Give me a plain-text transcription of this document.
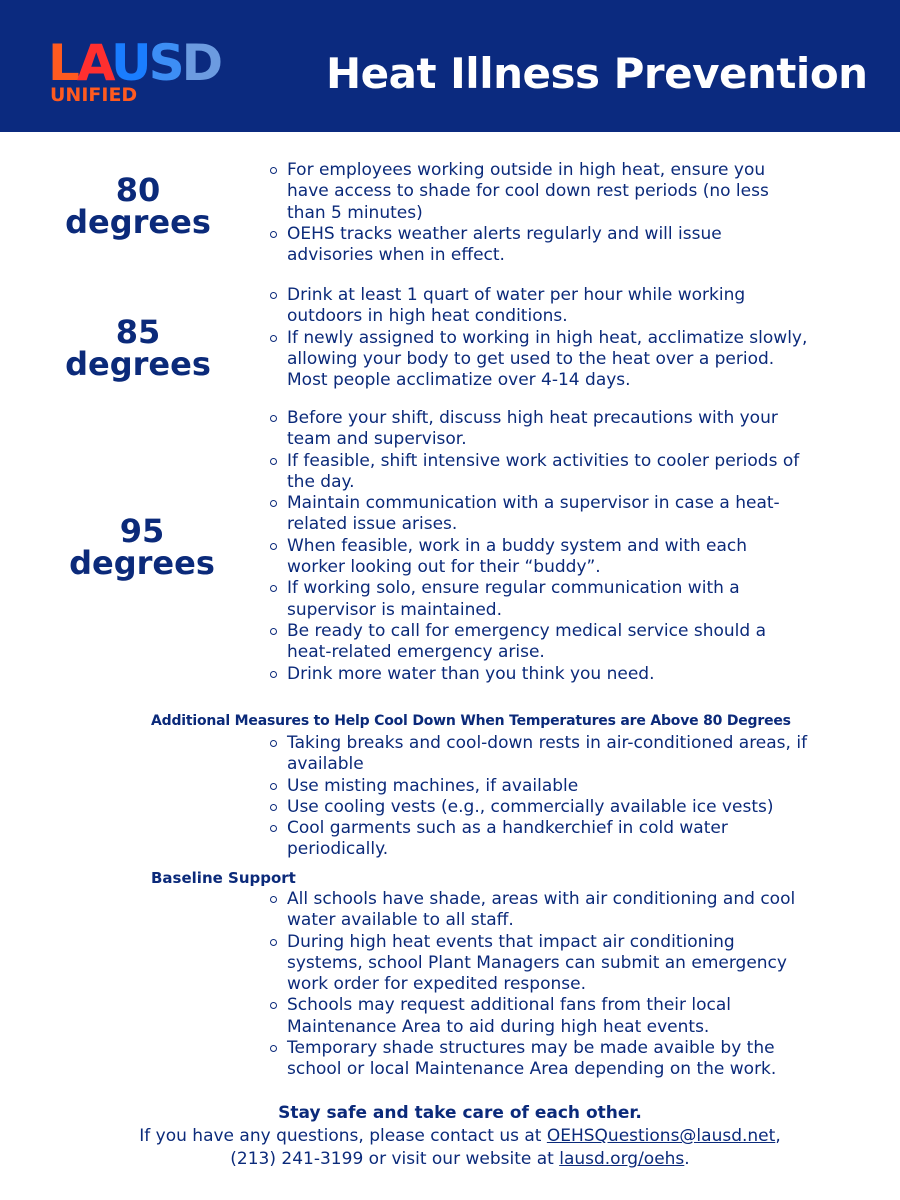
LAUSD
UNIFIED	Heat Illness Prevention
80
degrees
For employees working outside in high heat, ensure you have access to shade for cool down rest periods (no less than 5 minutes)
OEHS tracks weather alerts regularly and will issue advisories when in effect.
85
degrees
Drink at least 1 quart of water per hour while working outdoors in high heat conditions.
If newly assigned to working in high heat, acclimatize slowly, allowing your body to get used to the heat over a period. Most people acclimatize over 4-14 days.
95
degrees
Before your shift, discuss high heat precautions with your team and supervisor.
If feasible, shift intensive work activities to cooler periods of the day.
Maintain communication with a supervisor in case a heat-related issue arises.
When feasible, work in a buddy system and with each worker looking out for their “buddy”.
If working solo, ensure regular communication with a supervisor is maintained.
Be ready to call for emergency medical service should a heat-related emergency arise.
Drink more water than you think you need.
Additional Measures to Help Cool Down When Temperatures are Above 80 Degrees
Taking breaks and cool-down rests in air-conditioned areas, if available
Use misting machines, if available
Use cooling vests (e.g., commercially available ice vests)
Cool garments such as a handkerchief in cold water periodically.
Baseline Support
All schools have shade, areas with air conditioning and cool water available to all staff.
During high heat events that impact air conditioning systems, school Plant Managers can submit an emergency work order for expedited response.
Schools may request additional fans from their local Maintenance Area to aid during high heat events.
Temporary shade structures may be made avaible by the school or local Maintenance Area depending on the work.
Stay safe and take care of each other.
If you have any questions, please contact us at OEHSQuestions@lausd.net,
(213) 241-3199 or visit our website at lausd.org/oehs.
